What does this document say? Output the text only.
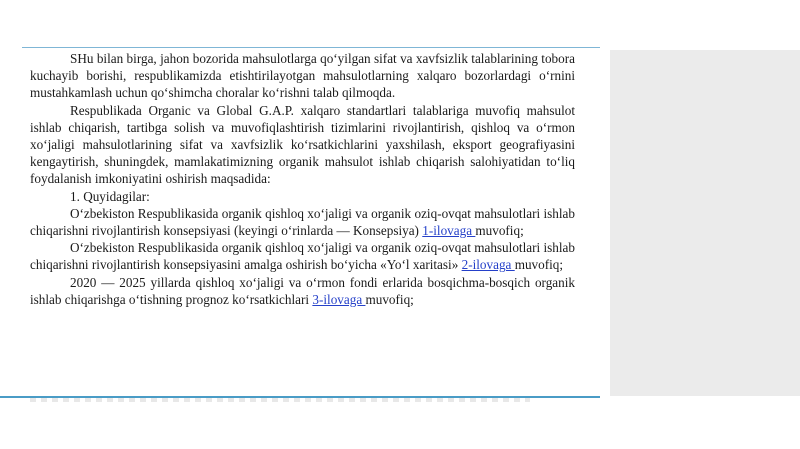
SHu bilan birga, jahon bozorida mahsulotlarga qoʻyilgan sifat va xavfsizlik talablarining tobora kuchayib borishi, respublikamizda etishtirilayotgan mahsulotlarning xalqaro bozorlardagi oʻrnini mustahkamlash uchun qoʻshimcha choralar koʻrishni talab qilmoqda.

Respublikada Organic va Global G.A.P. xalqaro standartlari talablariga muvofiq mahsulot ishlab chiqarish, tartibga solish va muvofiqlashtirish tizimlarini rivojlantirish, qishloq va oʻrmon xoʻjaligi mahsulotlarining sifat va xavfsizlik koʻrsatkichlarini yaxshilash, eksport geografiyasini kengaytirish, shuningdek, mamlakatimizning organik mahsulot ishlab chiqarish salohiyatidan toʻliq foydalanish imkoniyatini oshirish maqsadida:

1. Quyidagilar:

Oʻzbekiston Respublikasida organik qishloq xoʻjaligi va organik oziq-ovqat mahsulotlari ishlab chiqarishni rivojlantirish konsepsiyasi (keyingi oʻrinlarda — Konsepsiya) 1-ilovaga muvofiq;

Oʻzbekiston Respublikasida organik qishloq xoʻjaligi va organik oziq-ovqat mahsulotlari ishlab chiqarishni rivojlantirish konsepsiyasini amalga oshirish boʻyicha «Yoʻl xaritasi» 2-ilovaga muvofiq;

2020 — 2025 yillarda qishloq xoʻjaligi va oʻrmon fondi erlarida bosqichma-bosqich organik ishlab chiqarishga oʻtishning prognoz koʻrsatkichlari 3-ilovaga muvofiq;
